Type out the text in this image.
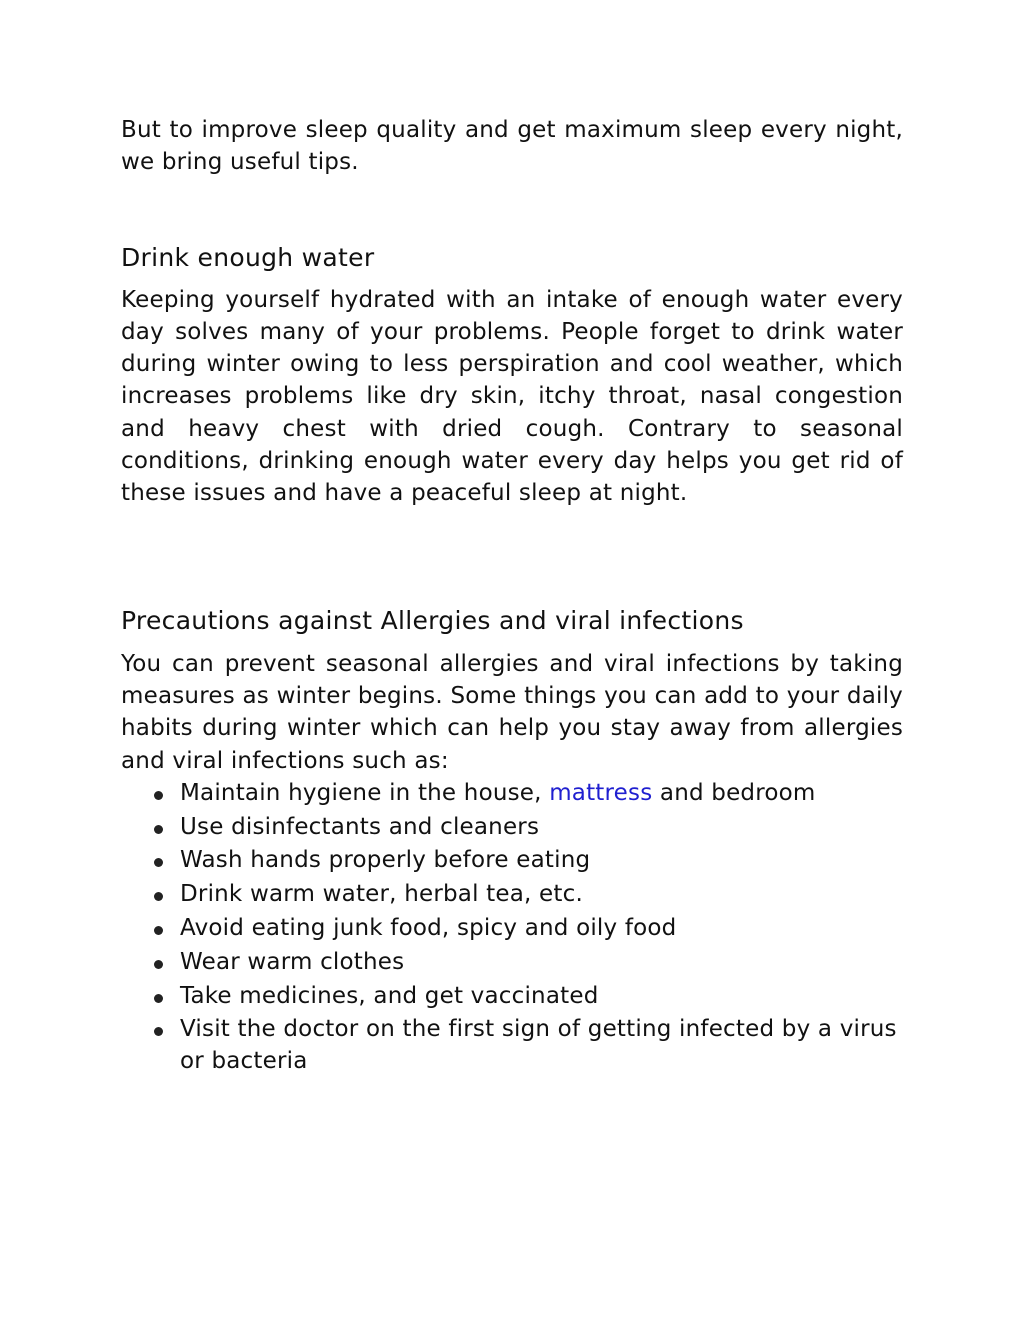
But to improve sleep quality and get maximum sleep every night, we bring useful tips.

Drink enough water

Keeping yourself hydrated with an intake of enough water every day solves many of your problems. People forget to drink water during winter owing to less perspiration and cool weather, which increases problems like dry skin, itchy throat, nasal congestion and heavy chest with dried cough. Contrary to seasonal conditions, drinking enough water every day helps you get rid of these issues and have a peaceful sleep at night.

Precautions against Allergies and viral infections

You can prevent seasonal allergies and viral infections by taking measures as winter begins. Some things you can add to your daily habits during winter which can help you stay away from allergies and viral infections such as:

Maintain hygiene in the house, mattress and bedroom
Use disinfectants and cleaners
Wash hands properly before eating
Drink warm water, herbal tea, etc.
Avoid eating junk food, spicy and oily food
Wear warm clothes
Take medicines, and get vaccinated
Visit the doctor on the first sign of getting infected by a virus or bacteria
